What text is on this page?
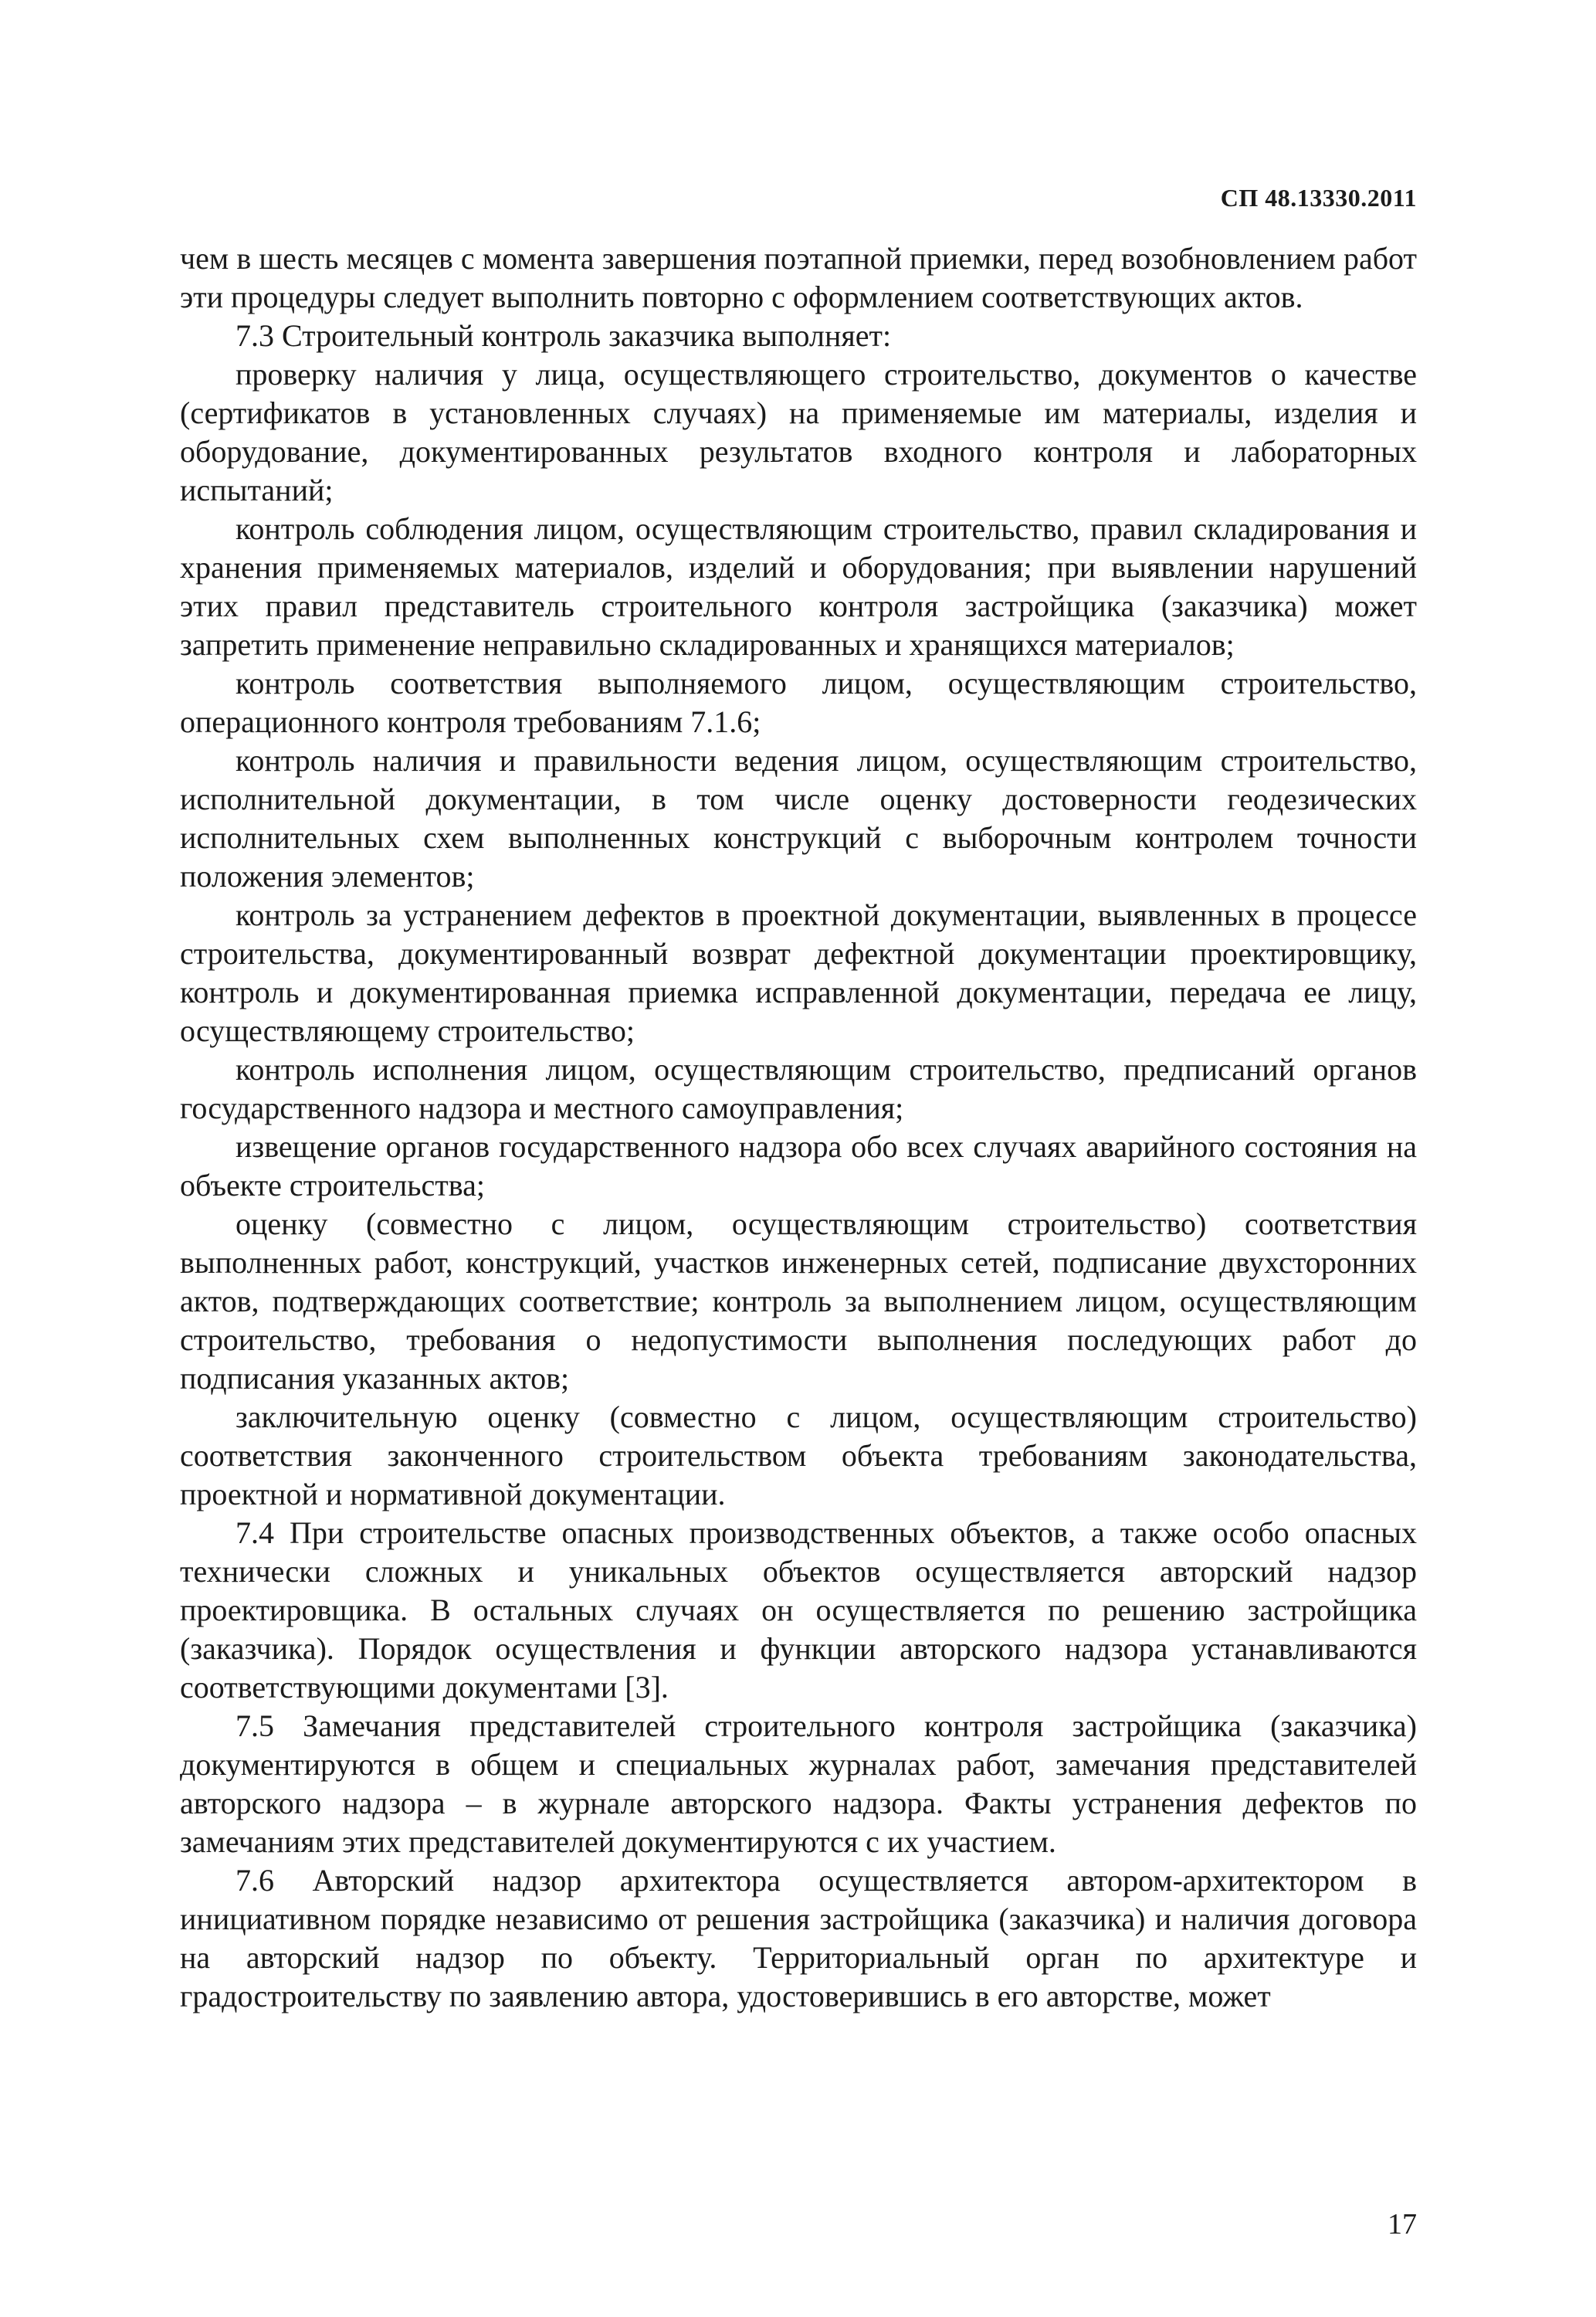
СП 48.13330.2011

чем в шесть месяцев с момента завершения поэтапной приемки, перед возобновлением работ эти процедуры следует выполнить повторно с оформлением соответствующих актов.

7.3 Строительный контроль заказчика выполняет:

проверку наличия у лица, осуществляющего строительство, документов о качестве (сертификатов в установленных случаях) на применяемые им материалы, изделия и оборудование, документированных результатов входного контроля и лабораторных испытаний;

контроль соблюдения лицом, осуществляющим строительство, правил складирования и хранения применяемых материалов, изделий и оборудования; при выявлении нарушений этих правил представитель строительного контроля застройщика (заказчика) может запретить применение неправильно складированных и хранящихся материалов;

контроль соответствия выполняемого лицом, осуществляющим строительство, операционного контроля требованиям 7.1.6;

контроль наличия и правильности ведения лицом, осуществляющим строительство, исполнительной документации, в том числе оценку достоверности геодезических исполнительных схем выполненных конструкций с выборочным контролем точности положения элементов;

контроль за устранением дефектов в проектной документации, выявленных в процессе строительства, документированный возврат дефектной документации проектировщику, контроль и документированная приемка исправленной документации, передача ее лицу, осуществляющему строительство;

контроль исполнения лицом, осуществляющим строительство, предписаний органов государственного надзора и местного самоуправления;

извещение органов государственного надзора обо всех случаях аварийного состояния на объекте строительства;

оценку (совместно с лицом, осуществляющим строительство) соответствия выполненных работ, конструкций, участков инженерных сетей, подписание двухсторонних актов, подтверждающих соответствие; контроль за выполнением лицом, осуществляющим строительство, требования о недопустимости выполнения последующих работ до подписания указанных актов;

заключительную оценку (совместно с лицом, осуществляющим строительство) соответствия законченного строительством объекта требованиям законодательства, проектной и нормативной документации.

7.4 При строительстве опасных производственных объектов, а также особо опасных технически сложных и уникальных объектов осуществляется авторский надзор проектировщика. В остальных случаях он осуществляется по решению застройщика (заказчика). Порядок осуществления и функции авторского надзора устанавливаются соответствующими документами [3].

7.5 Замечания представителей строительного контроля застройщика (заказчика) документируются в общем и специальных журналах работ, замечания представителей авторского надзора – в журнале авторского надзора. Факты устранения дефектов по замечаниям этих представителей документируются с их участием.

7.6 Авторский надзор архитектора осуществляется автором-архитектором в инициативном порядке независимо от решения застройщика (заказчика) и наличия договора на авторский надзор по объекту. Территориальный орган по архитектуре и градостроительству по заявлению автора, удостоверившись в его авторстве, может

17
